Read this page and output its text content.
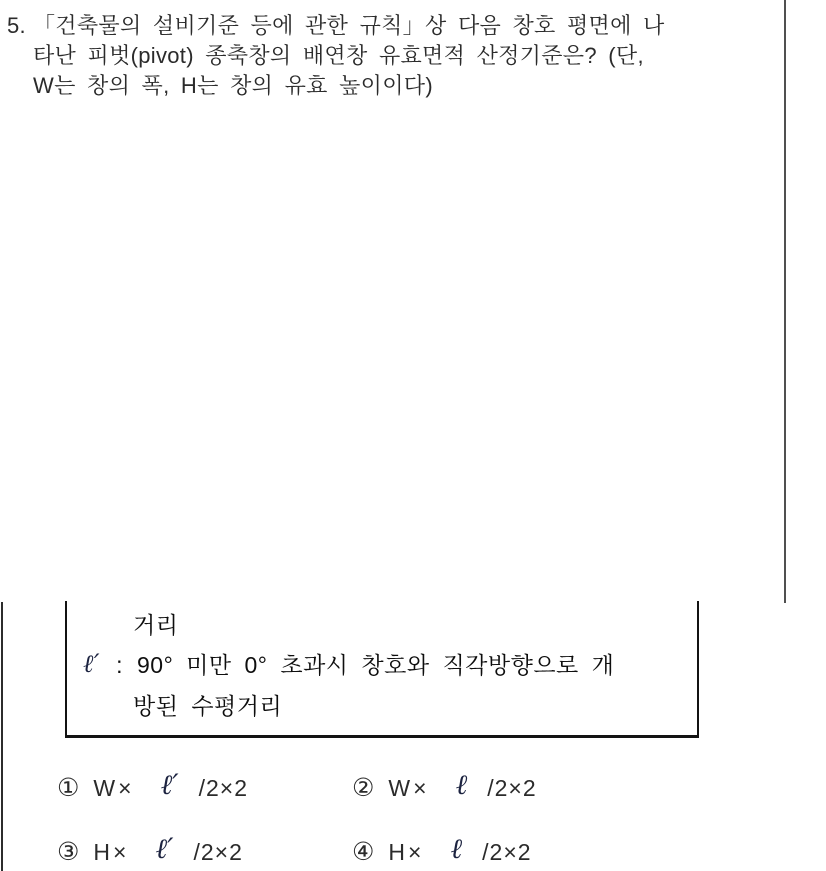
5. 「건축물의 설비기준 등에 관한 규칙」상 다음 창호 평면에 나
타난 피벗(pivot) 종축창의 배연창 유효면적 산정기준은? (단,
W는 창의 폭, H는 창의 유효 높이이다)
거리
ℓ′ : 90° 미만 0° 초과시 창호와 직각방향으로 개
방된 수평거리
① W× ℓ′ /2×2	② W× ℓ /2×2
③ H× ℓ′ /2×2	④ H× ℓ /2×2
